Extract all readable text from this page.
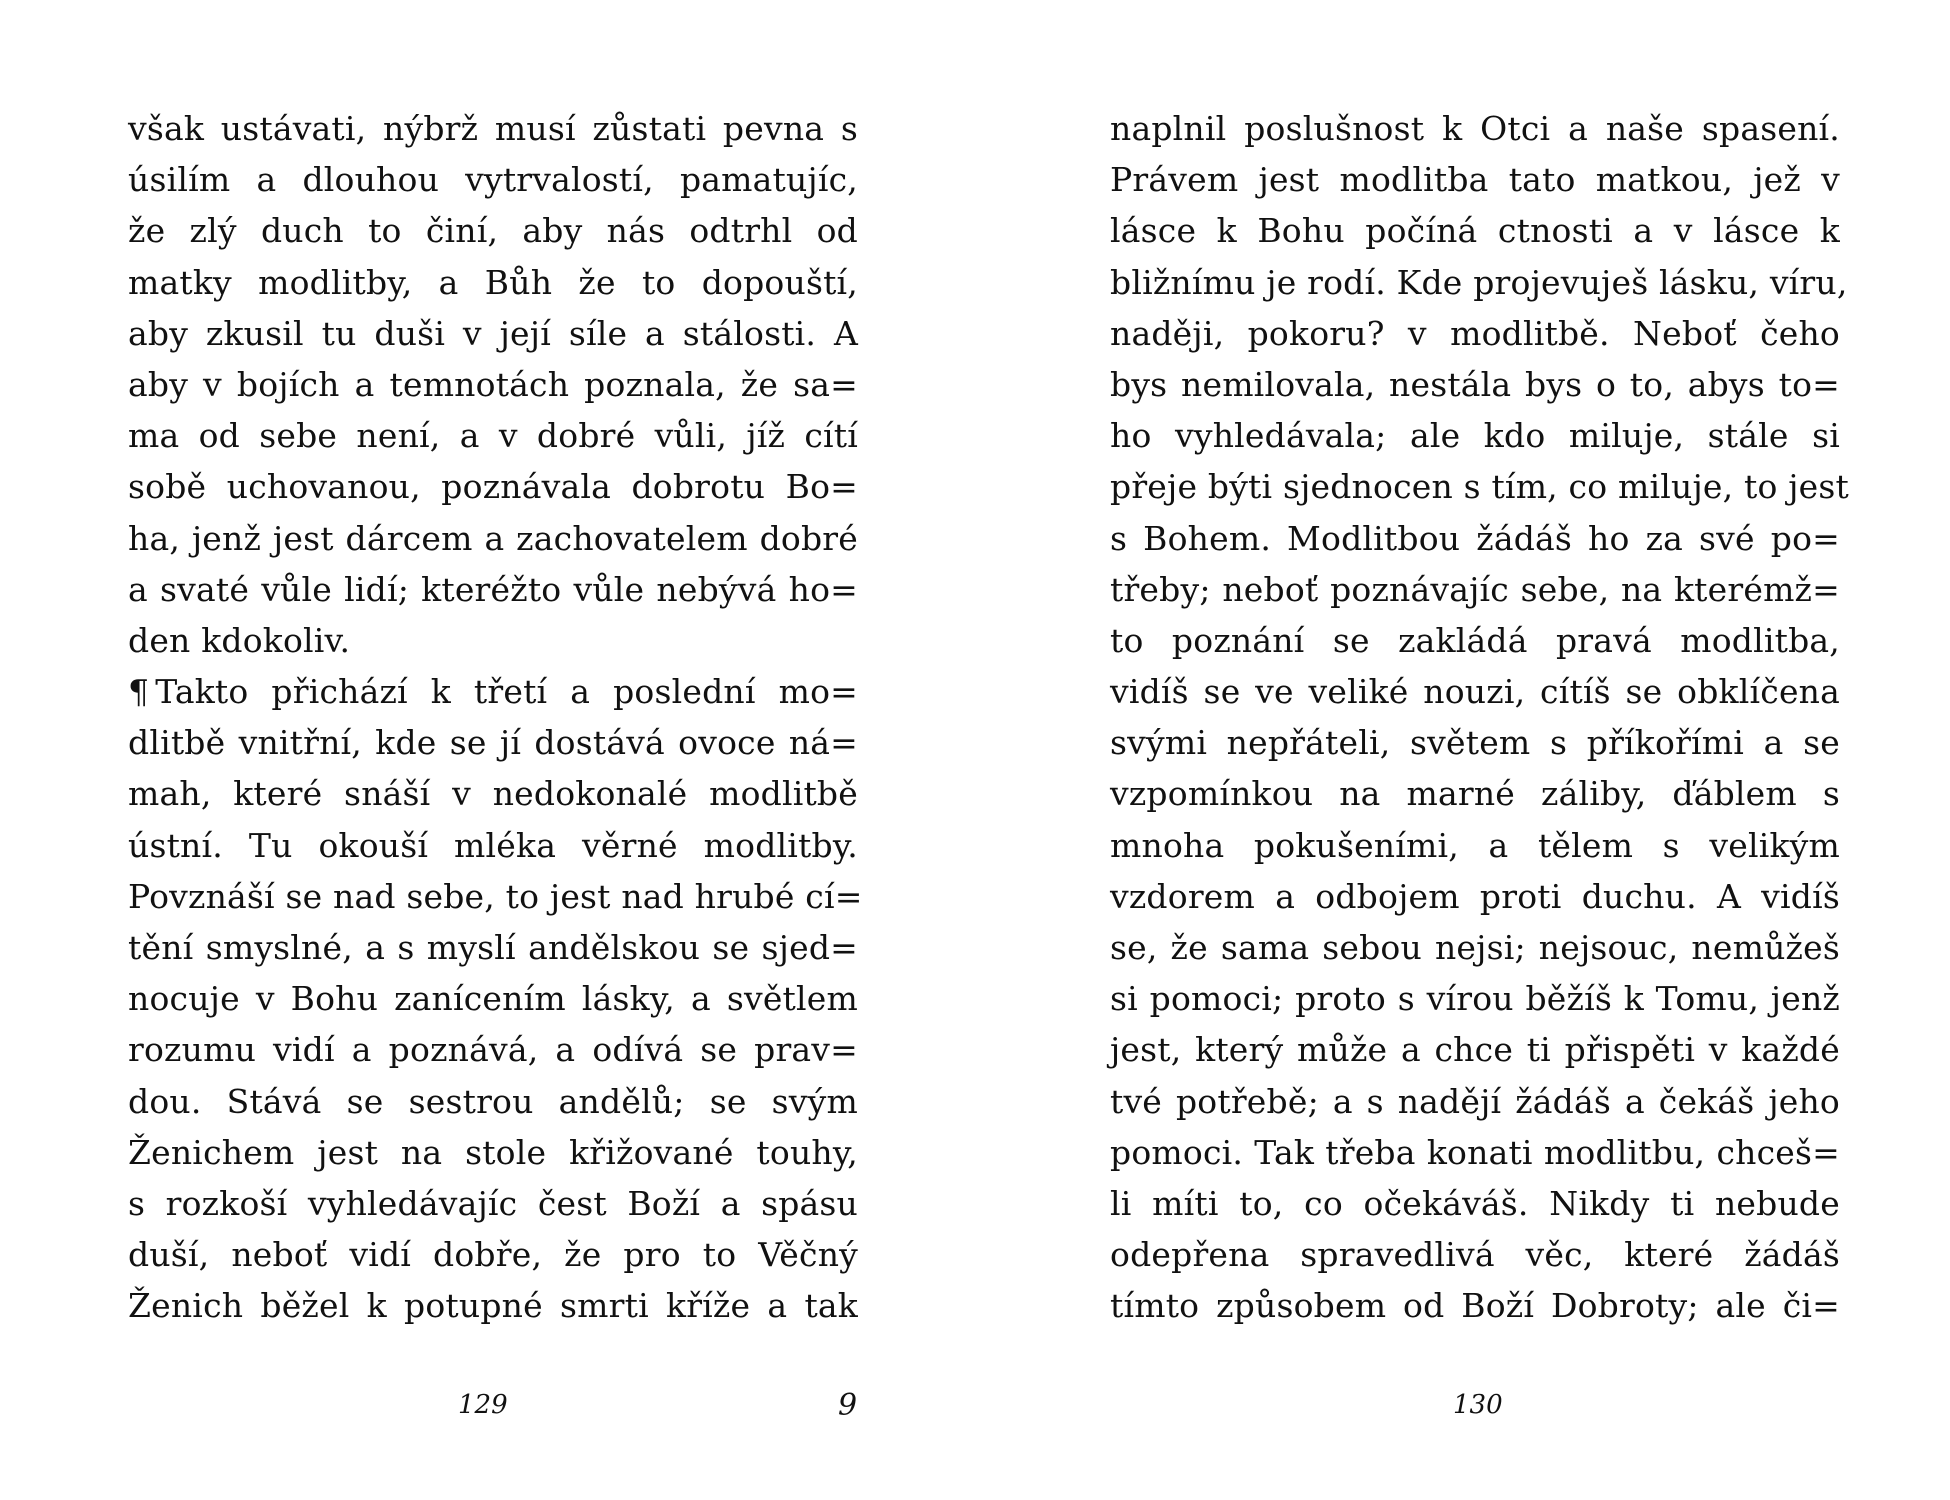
však ustávati, nýbrž musí zůstati pevna s
úsilím a dlouhou vytrvalostí, pamatujíc,
že zlý duch to činí, aby nás odtrhl od
matky modlitby, a Bůh že to dopouští,
aby zkusil tu duši v její síle a stálosti. A
aby v bojích a temnotách poznala, že sa=
ma od sebe není, a v dobré vůli, jíž cítí
sobě uchovanou, poznávala dobrotu Bo=
ha, jenž jest dárcem a zachovatelem dobré
a svaté vůle lidí; kteréžto vůle nebývá ho=
den kdokoliv.
¶ Takto přichází k třetí a poslední mo=
dlitbě vnitřní, kde se jí dostává ovoce ná=
mah, které snáší v nedokonalé modlitbě
ústní. Tu okouší mléka věrné modlitby.
Povznáší se nad sebe, to jest nad hrubé cí=
tění smyslné, a s myslí andělskou se sjed=
nocuje v Bohu zanícením lásky, a světlem
rozumu vidí a poznává, a odívá se prav=
dou. Stává se sestrou andělů; se svým
Ženichem jest na stole křižované touhy,
s rozkoší vyhledávajíc čest Boží a spásu
duší, neboť vidí dobře, že pro to Věčný
Ženich běžel k potupné smrti kříže a tak
129	9
naplnil poslušnost k Otci a naše spasení.
Právem jest modlitba tato matkou, jež v
lásce k Bohu počíná ctnosti a v lásce k
bližnímu je rodí. Kde projevuješ lásku, víru,
naději, pokoru? v modlitbě. Neboť čeho
bys nemilovala, nestála bys o to, abys to=
ho vyhledávala; ale kdo miluje, stále si
přeje býti sjednocen s tím, co miluje, to jest
s Bohem. Modlitbou žádáš ho za své po=
třeby; neboť poznávajíc sebe, na kterémž=
to poznání se zakládá pravá modlitba,
vidíš se ve veliké nouzi, cítíš se obklíčena
svými nepřáteli, světem s příkořími a se
vzpomínkou na marné záliby, ďáblem s
mnoha pokušeními, a tělem s velikým
vzdorem a odbojem proti duchu. A vidíš
se, že sama sebou nejsi; nejsouc, nemůžeš
si pomoci; proto s vírou běžíš k Tomu, jenž
jest, který může a chce ti přispěti v každé
tvé potřebě; a s nadějí žádáš a čekáš jeho
pomoci. Tak třeba konati modlitbu, chceš=
li míti to, co očekáváš. Nikdy ti nebude
odepřena spravedlivá věc, které žádáš
tímto způsobem od Boží Dobroty; ale či=
130
